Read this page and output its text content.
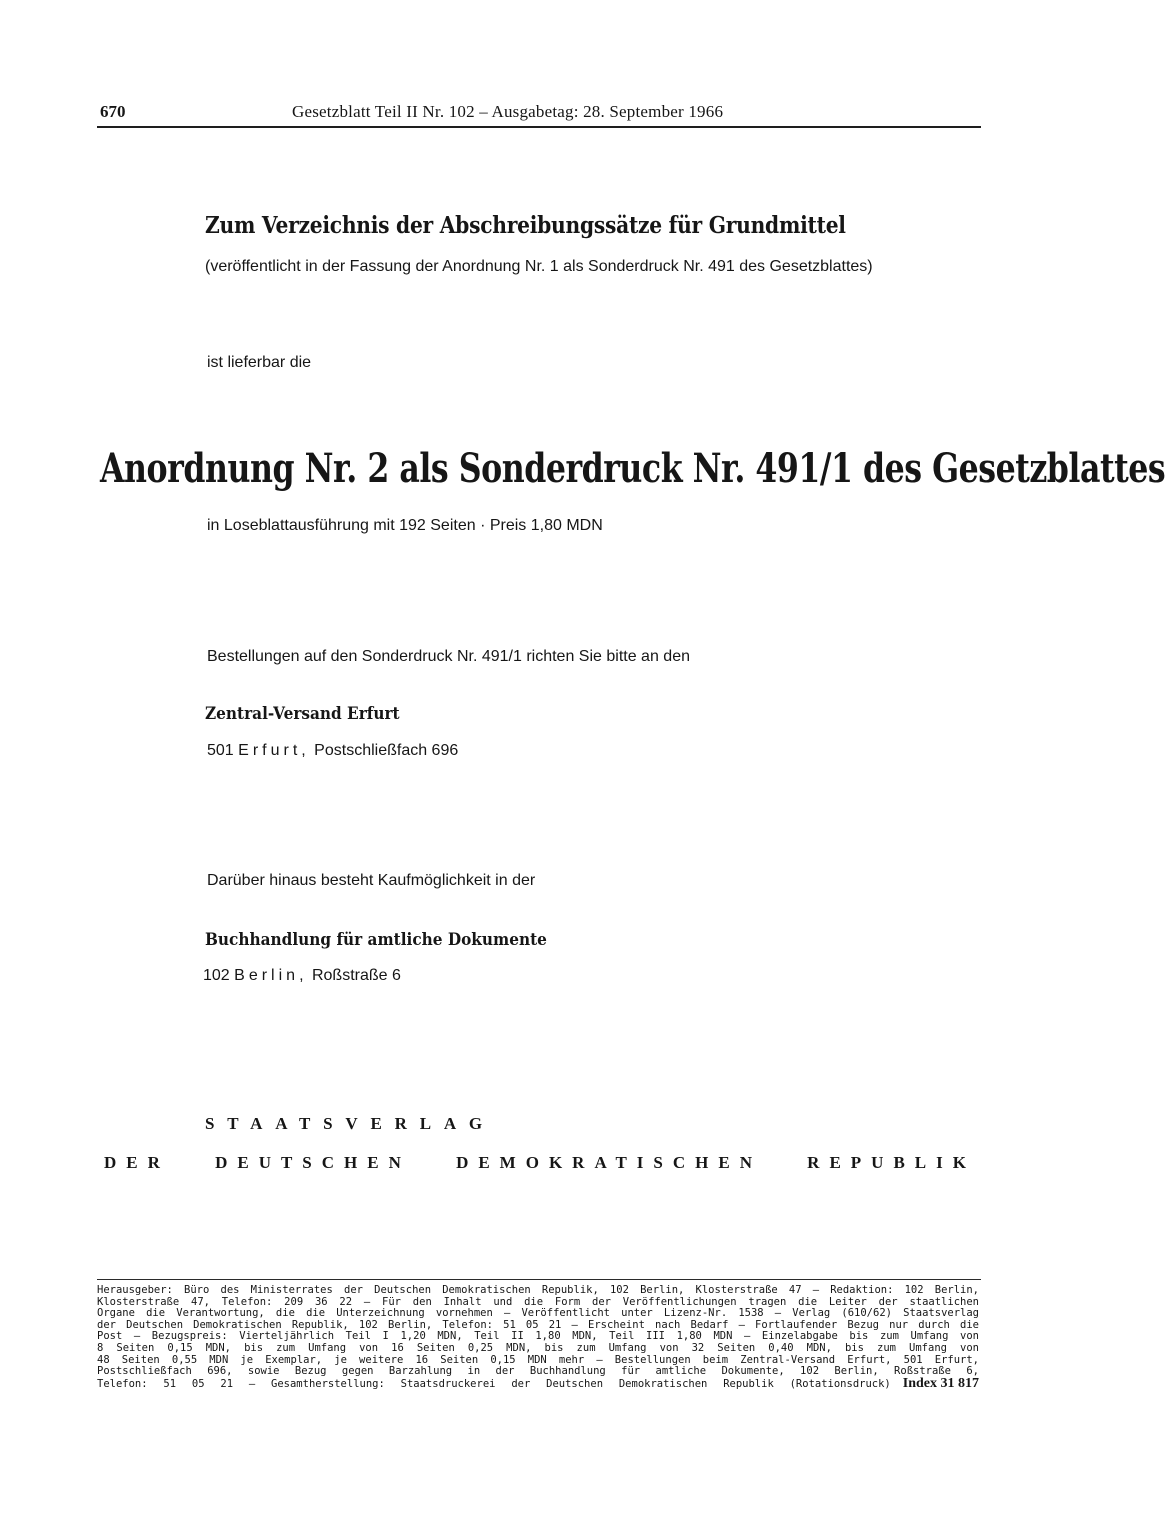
670	Gesetzblatt Teil II Nr. 102 – Ausgabetag: 28. September 1966
Zum Verzeichnis der Abschreibungssätze für Grundmittel
(veröffentlicht in der Fassung der Anordnung Nr. 1 als Sonderdruck Nr. 491 des Gesetzblattes)
ist lieferbar die
Anordnung Nr. 2 als Sonderdruck Nr. 491/1 des Gesetzblattes
in Loseblattausführung mit 192 Seiten · Preis 1,80 MDN
Bestellungen auf den Sonderdruck Nr. 491/1 richten Sie bitte an den
Zentral-Versand Erfurt
501 Erfurt, Postschließfach 696
Darüber hinaus besteht Kaufmöglichkeit in der
Buchhandlung für amtliche Dokumente
102 Berlin, Roßstraße 6
STAATSVERLAG
DER	DEUTSCHEN	DEMOKRATISCHEN	REPUBLIK
Herausgeber: Büro des Ministerrates der Deutschen Demokratischen Republik, 102 Berlin, Klosterstraße 47 – Redaktion: 102 Berlin,
Klosterstraße 47, Telefon: 209 36 22 – Für den Inhalt und die Form der Veröffentlichungen tragen die Leiter der staatlichen
Organe die Verantwortung, die die Unterzeichnung vornehmen – Veröffentlicht unter Lizenz-Nr. 1538 – Verlag (610/62) Staatsverlag
der Deutschen Demokratischen Republik, 102 Berlin, Telefon: 51 05 21 – Erscheint nach Bedarf – Fortlaufender Bezug nur durch die
Post – Bezugspreis: Vierteljährlich Teil I 1,20 MDN, Teil II 1,80 MDN, Teil III 1,80 MDN – Einzelabgabe bis zum Umfang von
8 Seiten 0,15 MDN, bis zum Umfang von 16 Seiten 0,25 MDN, bis zum Umfang von 32 Seiten 0,40 MDN, bis zum Umfang von
48 Seiten 0,55 MDN je Exemplar, je weitere 16 Seiten 0,15 MDN mehr – Bestellungen beim Zentral-Versand Erfurt, 501 Erfurt,
Postschließfach 696, sowie Bezug gegen Barzahlung in der Buchhandlung für amtliche Dokumente, 102 Berlin, Roßstraße 6,
Telefon: 51 05 21 – Gesamtherstellung: Staatsdruckerei der Deutschen Demokratischen Republik (Rotationsdruck) Index 31 817
